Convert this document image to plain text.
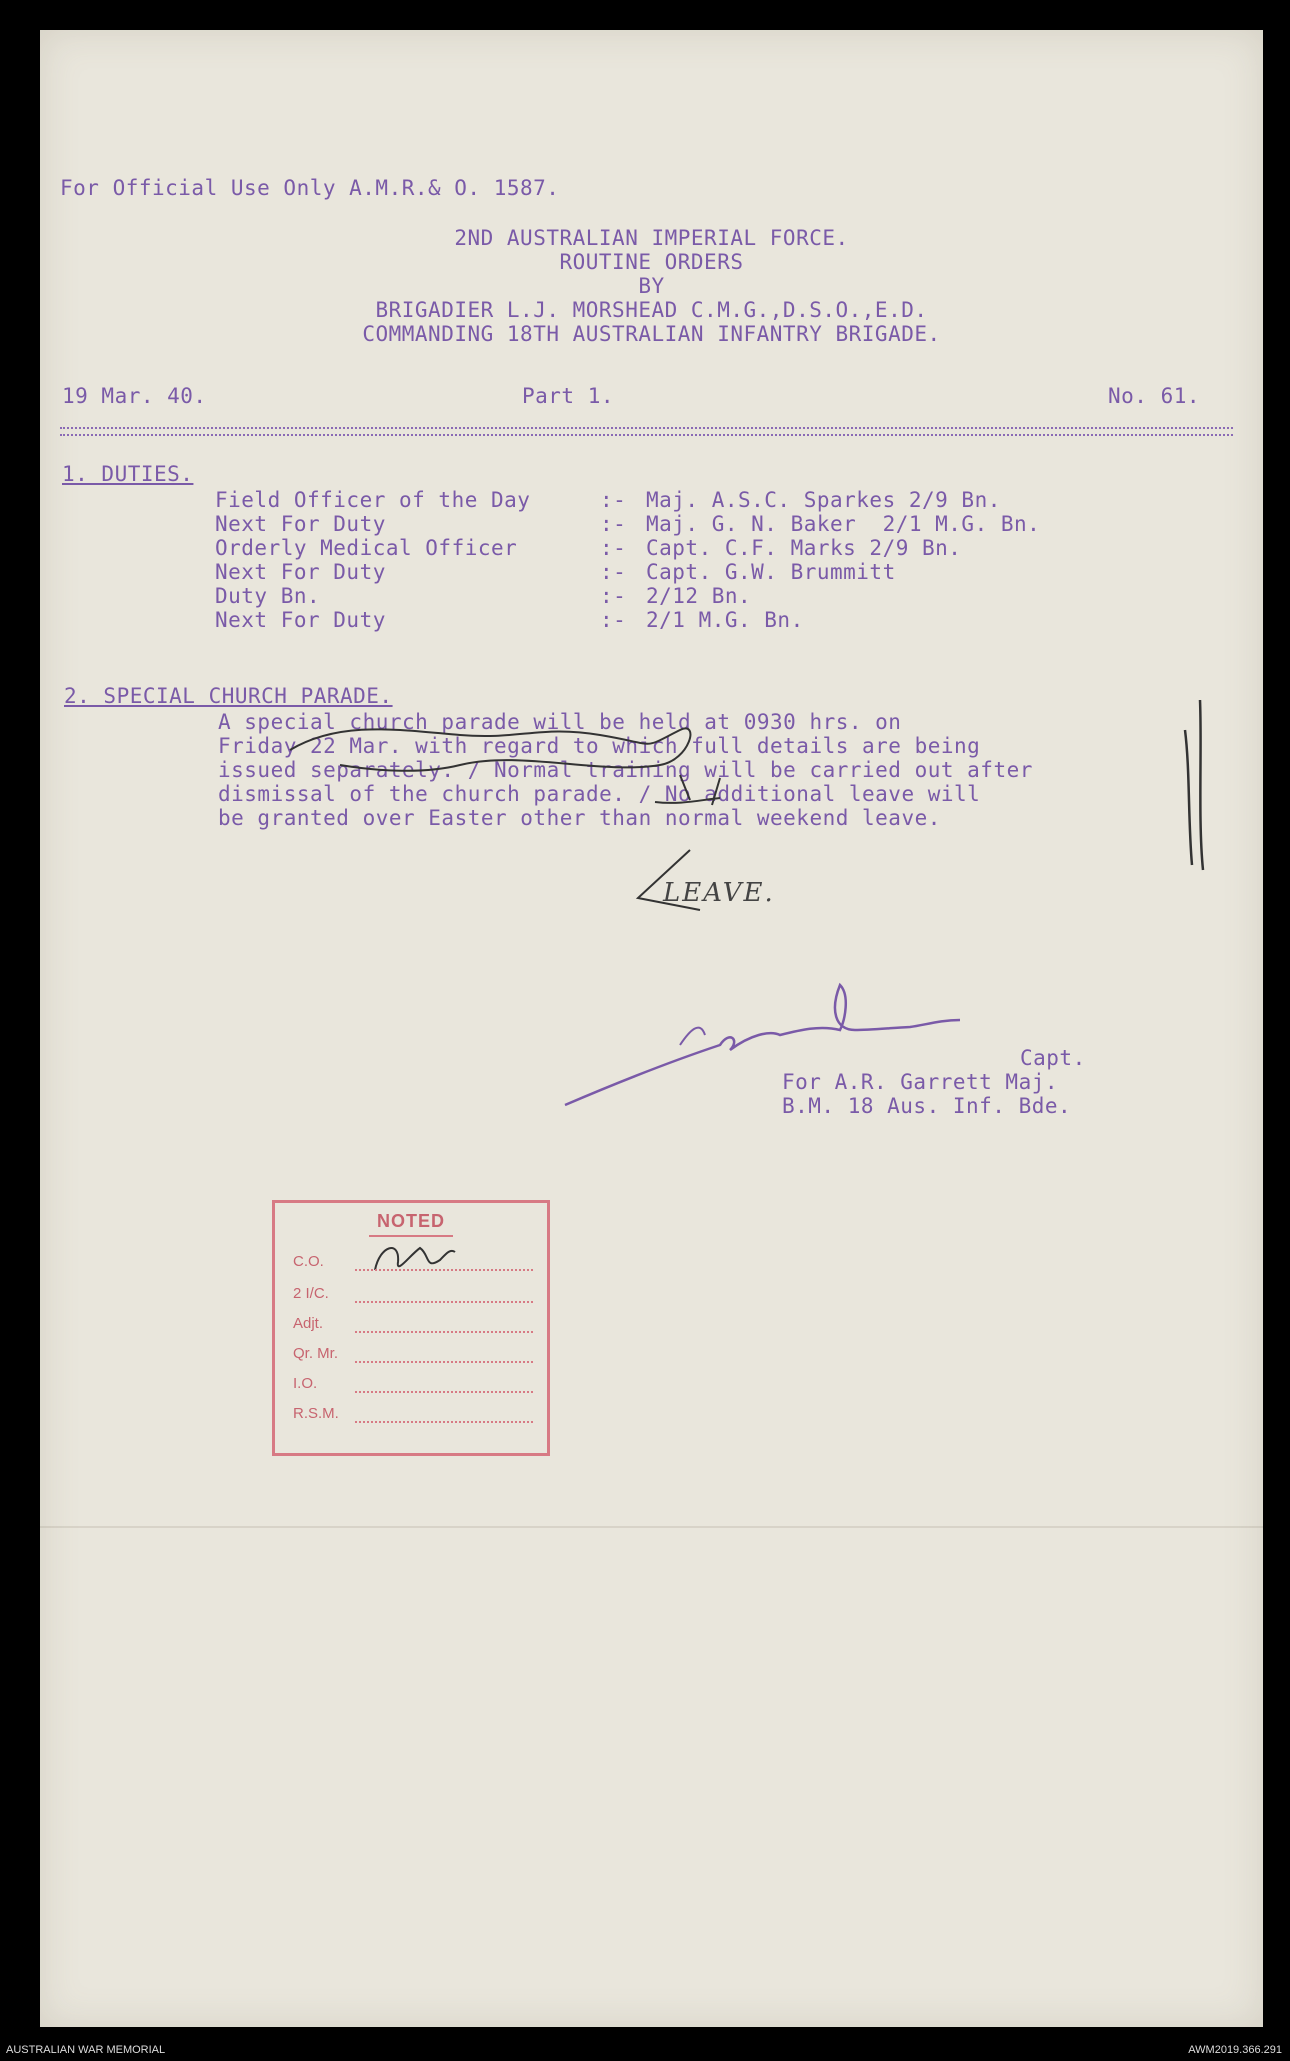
For Official Use Only A.M.R.& O. 1587.
2ND AUSTRALIAN IMPERIAL FORCE.
ROUTINE ORDERS
BY
BRIGADIER L.J. MORSHEAD C.M.G.,D.S.O.,E.D.
COMMANDING 18TH AUSTRALIAN INFANTRY BRIGADE.
19 Mar. 40.	Part 1.	No. 61.
1. DUTIES.
Field Officer of the Day	:- Maj. A.S.C. Sparkes 2/9 Bn.
Next For Duty	:- Maj. G. N. Baker  2/1 M.G. Bn.
Orderly Medical Officer	:- Capt. C.F. Marks 2/9 Bn.
Next For Duty	:- Capt. G.W. Brummitt
Duty Bn.	:- 2/12 Bn.
Next For Duty	:- 2/1 M.G. Bn.
2. SPECIAL CHURCH PARADE.
A special church parade will be held at 0930 hrs. on
Friday 22 Mar. with regard to which full details are being
issued separately. / Normal training will be carried out after
dismissal of the church parade. / No additional leave will
be granted over Easter other than normal weekend leave.
LEAVE.
Capt.
For A.R. Garrett Maj.
B.M. 18 Aus. Inf. Bde.
NOTED
C.O.
2 I/C.
Adjt.
Qr. Mr.
I.O.
R.S.M.
AUSTRALIAN WAR MEMORIAL	AWM2019.366.291
